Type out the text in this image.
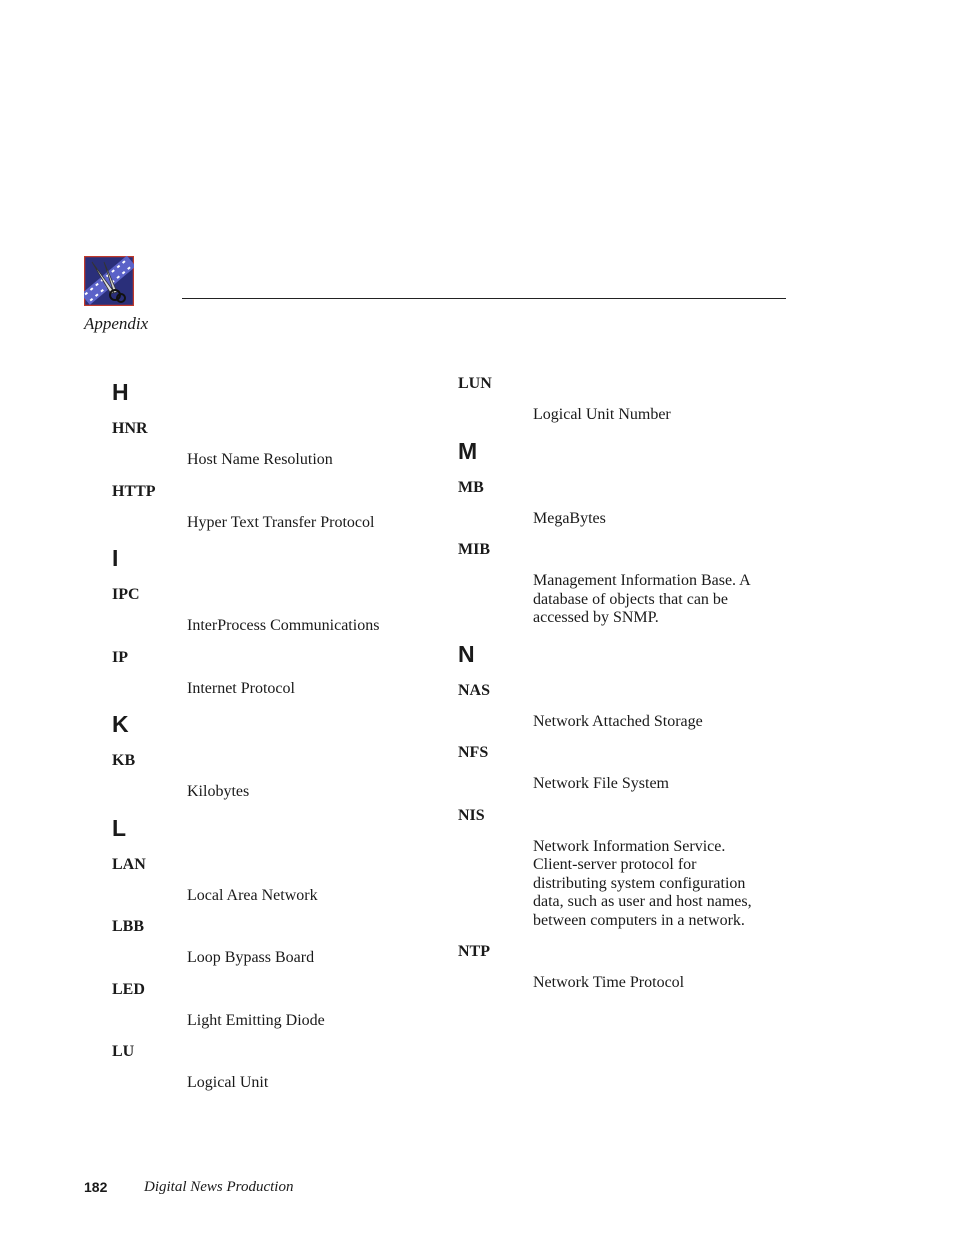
Appendix
H
HNR
Host Name Resolution
HTTP
Hyper Text Transfer Protocol
I
IPC
InterProcess Communications
IP
Internet Protocol
K
KB
Kilobytes
L
LAN
Local Area Network
LBB
Loop Bypass Board
LED
Light Emitting Diode
LU
Logical Unit
LUN
Logical Unit Number
M
MB
MegaBytes
MIB
Management Information Base. A database of objects that can be accessed by SNMP.
N
NAS
Network Attached Storage
NFS
Network File System
NIS
Network Information Service. Client-server protocol for distributing system configuration data, such as user and host names, between computers in a network.
NTP
Network Time Protocol
182 Digital News Production
